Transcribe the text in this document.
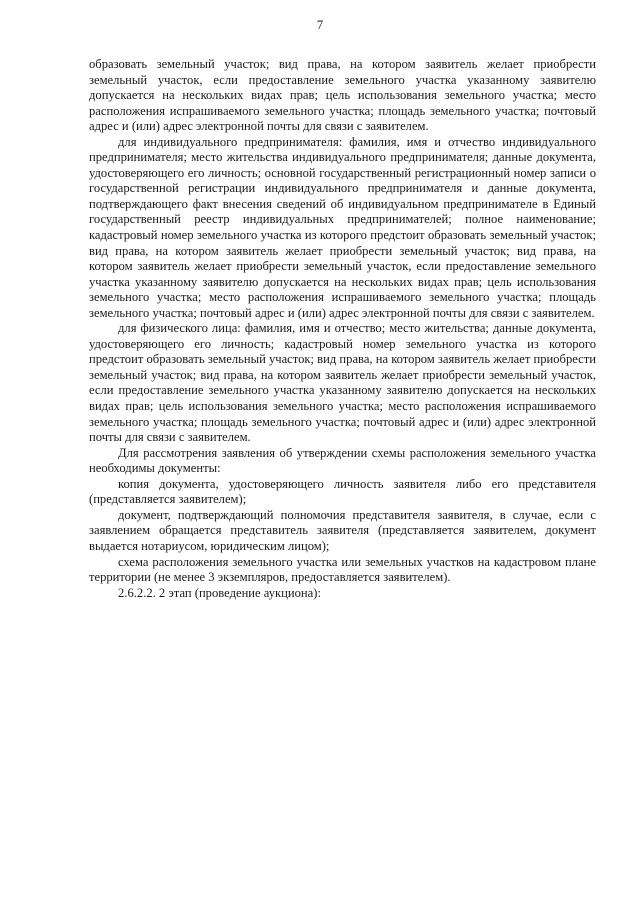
7

образовать земельный участок; вид права, на котором заявитель желает приобрести земельный участок, если предоставление земельного участка указанному заявителю допускается на нескольких видах прав; цель использования земельного участка; место расположения испрашиваемого земельного участка; площадь земельного участка; почтовый адрес и (или) адрес электронной почты для связи с заявителем.

для индивидуального предпринимателя: фамилия, имя и отчество индивидуального предпринимателя; место жительства индивидуального предпринимателя; данные документа, удостоверяющего его личность; основной государственный регистрационный номер записи о государственной регистрации индивидуального предпринимателя и данные документа, подтверждающего факт внесения сведений об индивидуальном предпринимателе в Единый государственный реестр индивидуальных предпринимателей; полное наименование; кадастровый номер земельного участка из которого предстоит образовать земельный участок; вид права, на котором заявитель желает приобрести земельный участок; вид права, на котором заявитель желает приобрести земельный участок, если предоставление земельного участка указанному заявителю допускается на нескольких видах прав; цель использования земельного участка; место расположения испрашиваемого земельного участка; площадь земельного участка; почтовый адрес и (или) адрес электронной почты для связи с заявителем.

для физического лица: фамилия, имя и отчество; место жительства; данные документа, удостоверяющего его личность; кадастровый номер земельного участка из которого предстоит образовать земельный участок; вид права, на котором заявитель желает приобрести земельный участок; вид права, на котором заявитель желает приобрести земельный участок, если предоставление земельного участка указанному заявителю допускается на нескольких видах прав; цель использования земельного участка; место расположения испрашиваемого земельного участка; площадь земельного участка; почтовый адрес и (или) адрес электронной почты для связи с заявителем.

Для рассмотрения заявления об утверждении схемы расположения земельного участка необходимы документы:

копия документа, удостоверяющего личность заявителя либо его представителя (представляется заявителем);

документ, подтверждающий полномочия представителя заявителя, в случае, если с заявлением обращается представитель заявителя (представляется заявителем, документ выдается нотариусом, юридическим лицом);

схема расположения земельного участка или земельных участков на кадастровом плане территории (не менее 3 экземпляров, предоставляется заявителем).

2.6.2.2. 2 этап (проведение аукциона):
